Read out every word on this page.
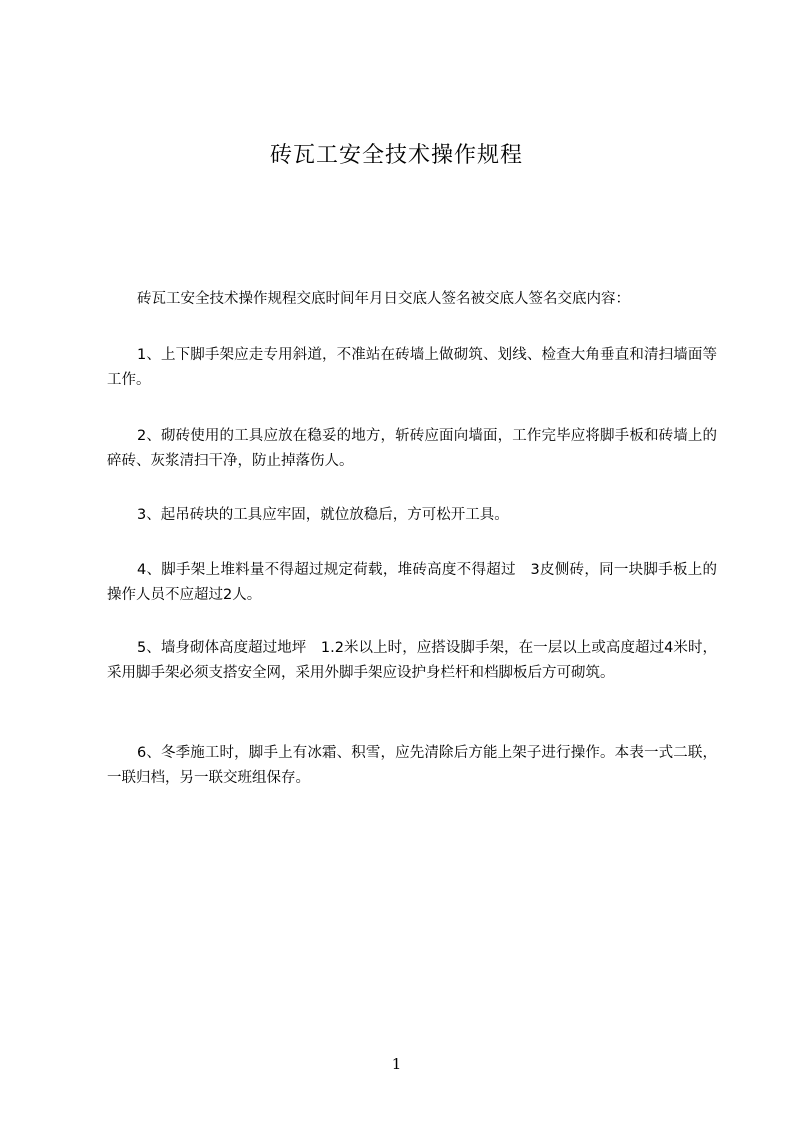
砖瓦工安全技术操作规程

砖瓦工安全技术操作规程交底时间年月日交底人签名被交底人签名交底内容：

1、上下脚手架应走专用斜道，不准站在砖墙上做砌筑、划线、检查大角垂直和清扫墙面等工作。

2、砌砖使用的工具应放在稳妥的地方，斩砖应面向墙面，工作完毕应将脚手板和砖墙上的碎砖、灰浆清扫干净，防止掉落伤人。

3、起吊砖块的工具应牢固，就位放稳后，方可松开工具。

4、脚手架上堆料量不得超过规定荷载，堆砖高度不得超过　3皮侧砖，同一块脚手板上的操作人员不应超过2人。

5、墙身砌体高度超过地坪　1.2米以上时，应搭设脚手架，在一层以上或高度超过4米时，采用脚手架必须支搭安全网，采用外脚手架应设护身栏杆和档脚板后方可砌筑。

6、冬季施工时，脚手上有冰霜、积雪，应先清除后方能上架子进行操作。本表一式二联，一联归档，另一联交班组保存。

1
